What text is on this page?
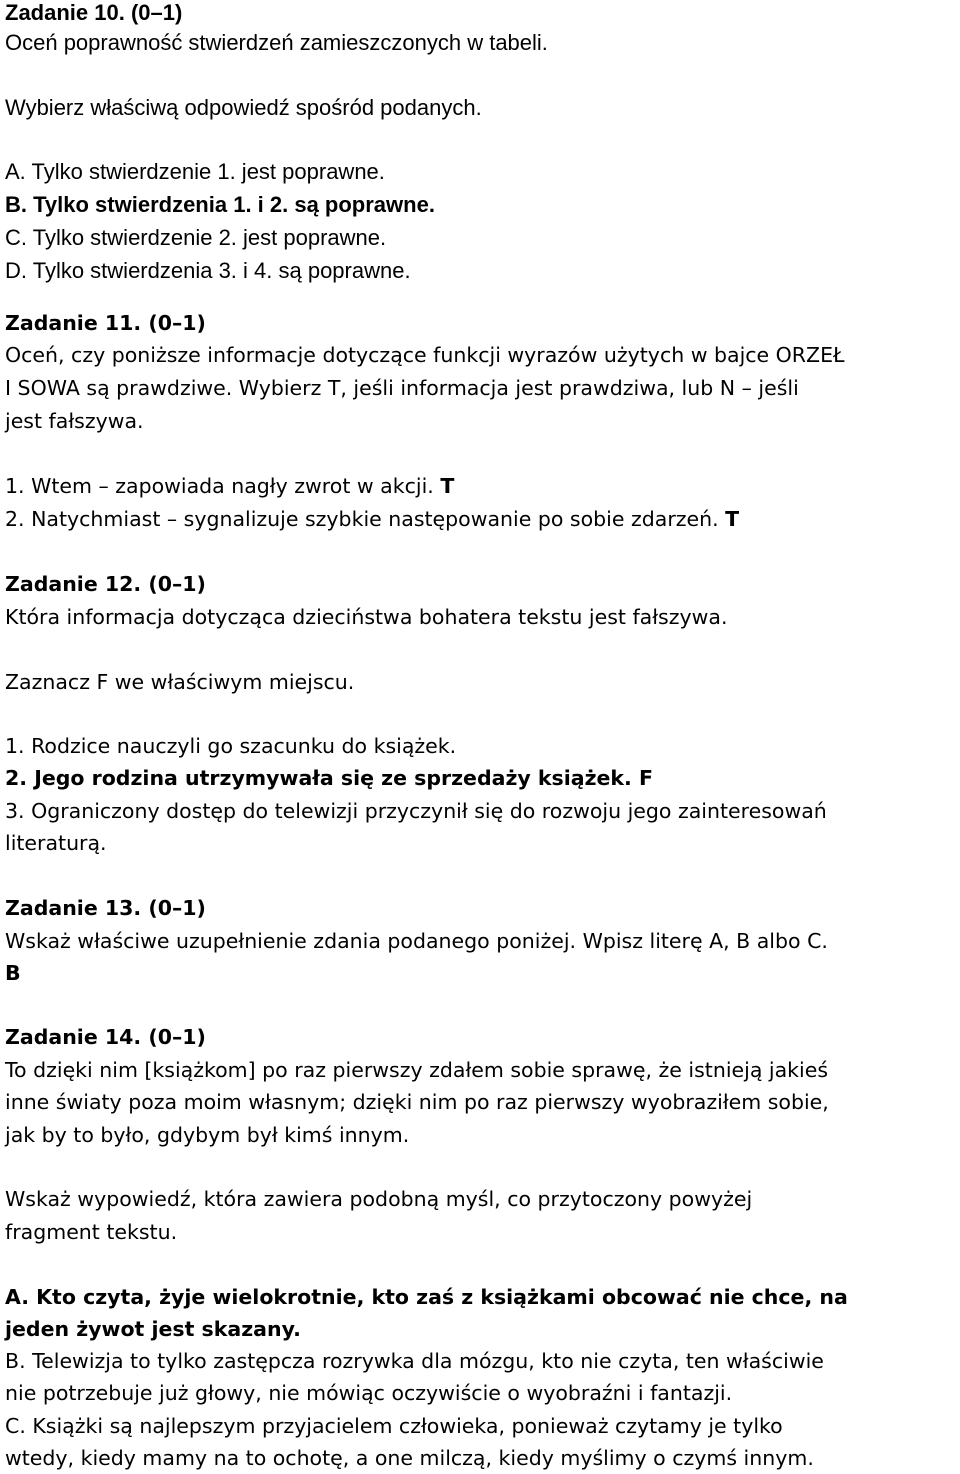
Zadanie 10. (0–1)
Oceń poprawność stwierdzeń zamieszczonych w tabeli.
Wybierz właściwą odpowiedź spośród podanych.
A. Tylko stwierdzenie 1. jest poprawne.
B. Tylko stwierdzenia 1. i 2. są poprawne.
C. Tylko stwierdzenie 2. jest poprawne.
D. Tylko stwierdzenia 3. i 4. są poprawne.
Zadanie 11. (0–1)
Oceń, czy poniższe informacje dotyczące funkcji wyrazów użytych w bajce ORZEŁ
I SOWA są prawdziwe. Wybierz T, jeśli informacja jest prawdziwa, lub N – jeśli
jest fałszywa.
1. Wtem – zapowiada nagły zwrot w akcji. T
2. Natychmiast – sygnalizuje szybkie następowanie po sobie zdarzeń. T
Zadanie 12. (0–1)
Która informacja dotycząca dzieciństwa bohatera tekstu jest fałszywa.
Zaznacz F we właściwym miejscu.
1. Rodzice nauczyli go szacunku do książek.
2. Jego rodzina utrzymywała się ze sprzedaży książek. F
3. Ograniczony dostęp do telewizji przyczynił się do rozwoju jego zainteresowań
literaturą.
Zadanie 13. (0–1)
Wskaż właściwe uzupełnienie zdania podanego poniżej. Wpisz literę A, B albo C.
B
Zadanie 14. (0–1)
To dzięki nim [książkom] po raz pierwszy zdałem sobie sprawę, że istnieją jakieś
inne światy poza moim własnym; dzięki nim po raz pierwszy wyobraziłem sobie,
jak by to było, gdybym był kimś innym.
Wskaż wypowiedź, która zawiera podobną myśl, co przytoczony powyżej
fragment tekstu.
A. Kto czyta, żyje wielokrotnie, kto zaś z książkami obcować nie chce, na
jeden żywot jest skazany.
B. Telewizja to tylko zastępcza rozrywka dla mózgu, kto nie czyta, ten właściwie
nie potrzebuje już głowy, nie mówiąc oczywiście o wyobraźni i fantazji.
C. Książki są najlepszym przyjacielem człowieka, ponieważ czytamy je tylko
wtedy, kiedy mamy na to ochotę, a one milczą, kiedy myślimy o czymś innym.
